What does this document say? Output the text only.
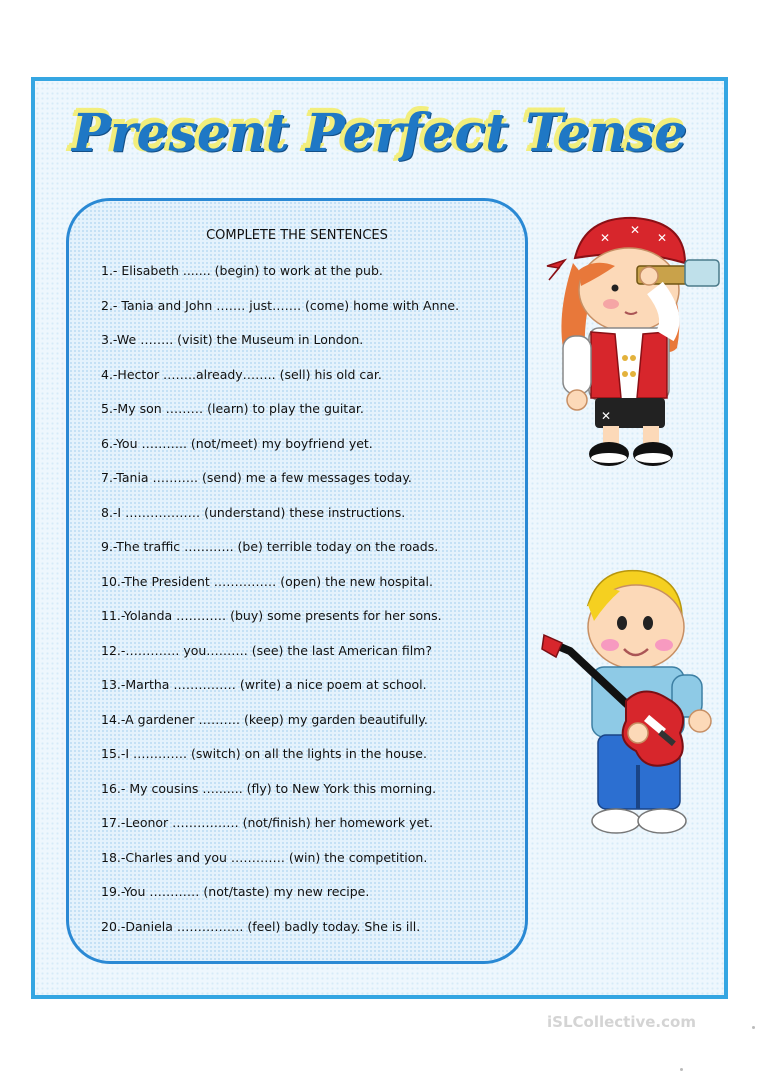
Present Perfect Tense
COMPLETE THE SENTENCES
1.- Elisabeth ....... (begin) to work at the pub.
2.- Tania and John ……. just……. (come) home with Anne.
3.-We …….. (visit) the Museum in London.
4.-Hector ……..already…….. (sell) his old car.
5.-My son ……… (learn) to play the guitar.
6.-You ……….. (not/meet) my boyfriend yet.
7.-Tania ……….. (send) me a few messages today.
8.-I ……………… (understand) these instructions.
9.-The traffic …….….. (be) terrible today on the roads.
10.-The President …………… (open) the new hospital.
11.-Yolanda ………… (buy) some presents for her sons.
12.-…………. you………. (see) the last American film?
13.-Martha …………… (write) a nice poem at school.
14.-A gardener ………. (keep) my garden beautifully.
15.-I …………. (switch) on all the lights in the house.
16.- My cousins …....... (fly) to New York this morning.
17.-Leonor ……………. (not/finish) her homework yet.
18.-Charles and you …………. (win) the competition.
19.-You ………… (not/taste) my new recipe.
20.-Daniela ……………. (feel) badly today. She is ill.
✕
✕
✕
✕
iSLCollective.com
